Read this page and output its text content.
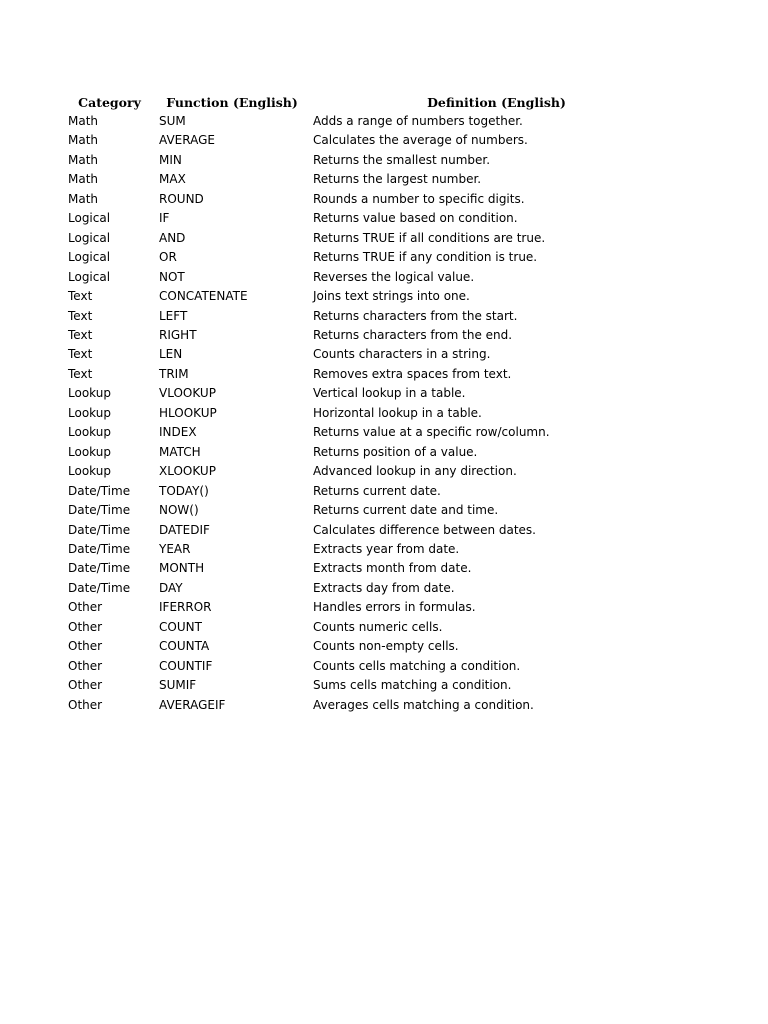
Category	Function (English)	Definition (English)
Math	SUM	Adds a range of numbers together.
Math	AVERAGE	Calculates the average of numbers.
Math	MIN	Returns the smallest number.
Math	MAX	Returns the largest number.
Math	ROUND	Rounds a number to specific digits.
Logical	IF	Returns value based on condition.
Logical	AND	Returns TRUE if all conditions are true.
Logical	OR	Returns TRUE if any condition is true.
Logical	NOT	Reverses the logical value.
Text	CONCATENATE	Joins text strings into one.
Text	LEFT	Returns characters from the start.
Text	RIGHT	Returns characters from the end.
Text	LEN	Counts characters in a string.
Text	TRIM	Removes extra spaces from text.
Lookup	VLOOKUP	Vertical lookup in a table.
Lookup	HLOOKUP	Horizontal lookup in a table.
Lookup	INDEX	Returns value at a specific row/column.
Lookup	MATCH	Returns position of a value.
Lookup	XLOOKUP	Advanced lookup in any direction.
Date/Time	TODAY()	Returns current date.
Date/Time	NOW()	Returns current date and time.
Date/Time	DATEDIF	Calculates difference between dates.
Date/Time	YEAR	Extracts year from date.
Date/Time	MONTH	Extracts month from date.
Date/Time	DAY	Extracts day from date.
Other	IFERROR	Handles errors in formulas.
Other	COUNT	Counts numeric cells.
Other	COUNTA	Counts non-empty cells.
Other	COUNTIF	Counts cells matching a condition.
Other	SUMIF	Sums cells matching a condition.
Other	AVERAGEIF	Averages cells matching a condition.
